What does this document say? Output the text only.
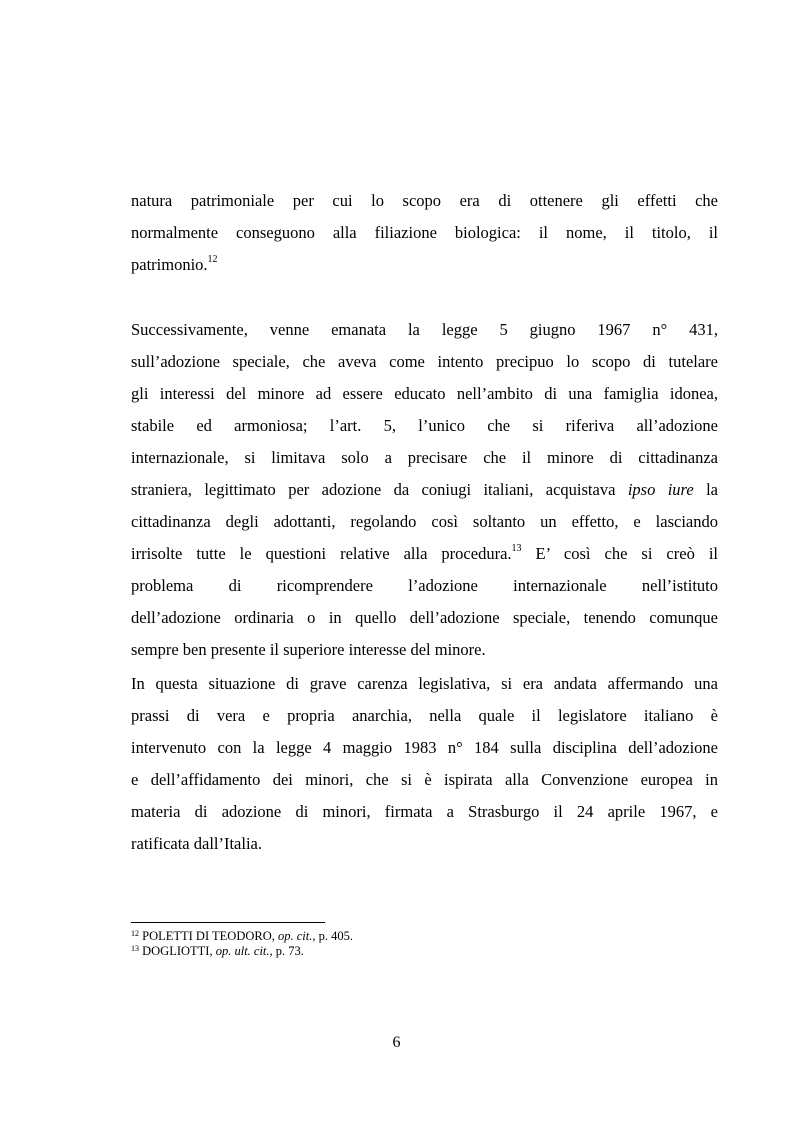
natura patrimoniale per cui lo scopo era di ottenere gli effetti che
normalmente conseguono alla filiazione biologica: il nome, il titolo, il
patrimonio.$^{12}$
Successivamente, venne emanata la legge 5 giugno 1967 n° 431,
sull’adozione speciale, che aveva come intento precipuo lo scopo di tutelare
gli interessi del minore ad essere educato nell’ambito di una famiglia idonea,
stabile ed armoniosa; l’art. 5, l’unico che si riferiva all’adozione
internazionale, si limitava solo a precisare che il minore di cittadinanza
straniera, legittimato per adozione da coniugi italiani, acquistava ipso iure la
cittadinanza degli adottanti, regolando così soltanto un effetto, e lasciando
irrisolte tutte le questioni relative alla procedura.$^{13}$ E’ così che si creò il
problema di ricomprendere l’adozione internazionale nell’istituto
dell’adozione ordinaria o in quello dell’adozione speciale, tenendo comunque
sempre ben presente il superiore interesse del minore.
In questa situazione di grave carenza legislativa, si era andata affermando una
prassi di vera e propria anarchia, nella quale il legislatore italiano è
intervenuto con la legge 4 maggio 1983 n° 184 sulla disciplina dell’adozione
e dell’affidamento dei minori, che si è ispirata alla Convenzione europea in
materia di adozione di minori, firmata a Strasburgo il 24 aprile 1967, e
ratificata dall’Italia.
$^{12}$ POLETTI DI TEODORO, op. cit., p. 405.
$^{13}$ DOGLIOTTI, op. ult. cit., p. 73.
6
